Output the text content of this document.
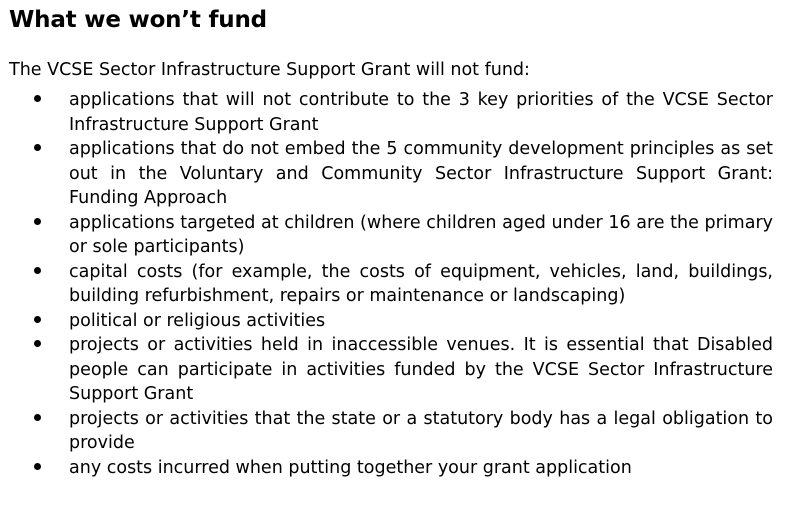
What we won’t fund

The VCSE Sector Infrastructure Support Grant will not fund:

applications that will not contribute to the 3 key priorities of the VCSE Sector Infrastructure Support Grant
applications that do not embed the 5 community development principles as set out in the Voluntary and Community Sector Infrastructure Support Grant: Funding Approach
applications targeted at children (where children aged under 16 are the primary or sole participants)
capital costs (for example, the costs of equipment, vehicles, land, buildings, building refurbishment, repairs or maintenance or landscaping)
political or religious activities
projects or activities held in inaccessible venues. It is essential that Disabled people can participate in activities funded by the VCSE Sector Infrastructure Support Grant
projects or activities that the state or a statutory body has a legal obligation to provide
any costs incurred when putting together your grant application
